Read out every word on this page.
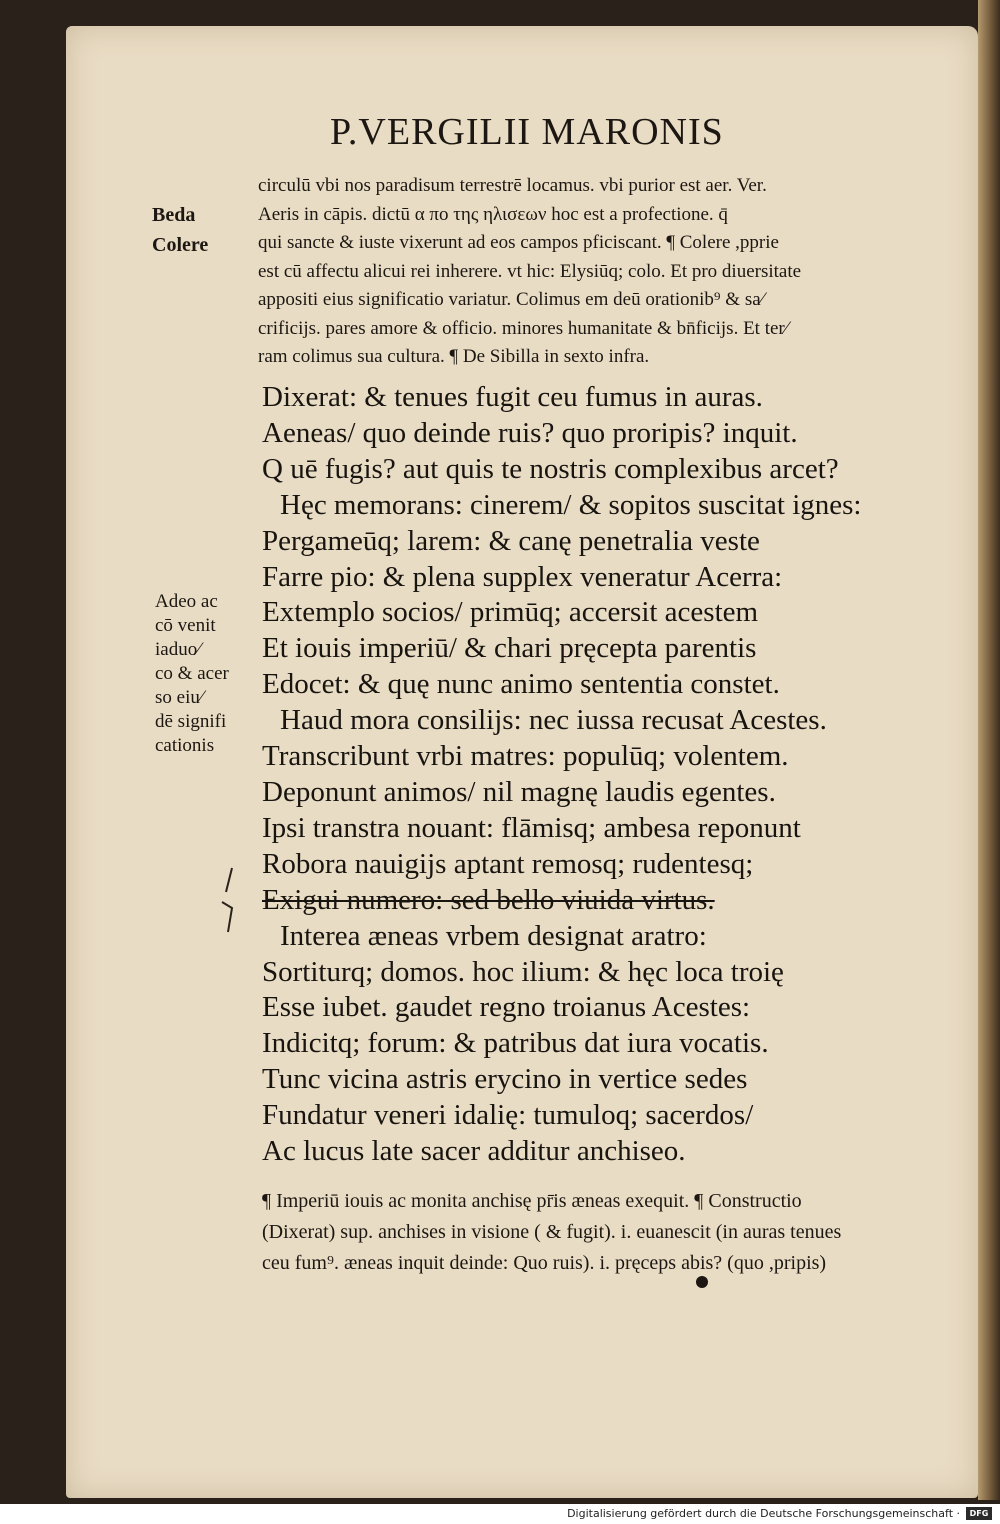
P.VERGILII MARONIS
Beda
Colere
circulū vbi nos paradisum terrestrē locamus. vbi purior est aer. Ver.
Aeris in cāpis. dictū α πο της ηλισεων hoc est a profectione. q̄
qui sancte & iuste vixerunt ad eos campos pficiscant. ¶ Colere ,pprie
est cū affectu alicui rei inherere. vt hic: Elysiūq; colo. Et pro diuersitate
appositi eius significatio variatur. Colimus em deū orationib⁹ & sa⁄
crificijs. pares amore & officio. minores humanitate & bn̄ficijs. Et ter⁄
ram colimus sua cultura. ¶ De Sibilla in sexto infra.
Dixerat: & tenues fugit ceu fumus in auras.
Aeneas/ quo deinde ruis? quo proripis? inquit.
Q uē fugis? aut quis te nostris complexibus arcet?
Hęc memorans: cinerem/ & sopitos suscitat ignes:
Pergameūq; larem: & canę penetralia veste
Farre pio: & plena supplex veneratur Acerra:
Extemplo socios/ primūq; accersit acestem
Et iouis imperiū/ & chari pręcepta parentis
Edocet: & quę nunc animo sententia constet.
Haud mora consilijs: nec iussa recusat Acestes.
Transcribunt vrbi matres: populūq; volentem.
Deponunt animos/ nil magnę laudis egentes.
Ipsi transtra nouant: flāmisq; ambesa reponunt
Robora nauigijs aptant remosq; rudentesq;
Exigui numero: sed bello viuida virtus.
Interea æneas vrbem designat aratro:
Sortiturq; domos. hoc ilium: & hęc loca troię
Esse iubet. gaudet regno troianus Acestes:
Indicitq; forum: & patribus dat iura vocatis.
Tunc vicina astris erycino in vertice sedes
Fundatur veneri idalię: tumuloq; sacerdos/
Ac lucus late sacer additur anchiseo.
Adeo ac
cō venit
iaduo⁄
co & acer
so eiu⁄
dē signifi
cationis
¶ Imperiū iouis ac monita anchisę pr̄is æneas exequit. ¶ Constructio
(Dixerat) sup. anchises in visione ( & fugit). i. euanescit (in auras tenues
ceu fum⁹. æneas inquit deinde: Quo ruis). i. pręceps abis? (quo ,pripis)
Digitalisierung gefördert durch die Deutsche Forschungsgemeinschaft ·	DFG
